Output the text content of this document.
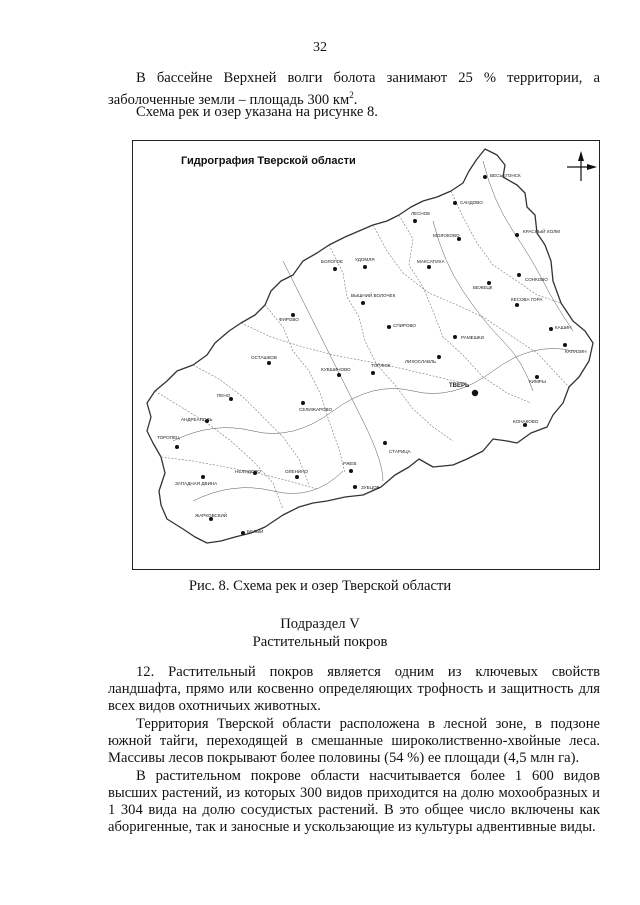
32
В бассейне Верхней волги болота занимают 25 % территории, а
заболоченные земли – площадь 300 $км^2$.
Схема рек и озер указана на рисунке 8.
Гидрография Тверской области
ВЕСЬЕГОНСК
САНДОВО
ЛЕСНОЕ
МОЛОКОВО
КРАСНЫЙ ХОЛМ
УДОМЛЯ
БОЛОГОЕ	МАКСАТИХА
БЕЖЕЦК
СОНКОВО
КЕСОВА ГОРА
ВЫШНИЙ ВОЛОЧЕК
ФИРОВО
СПИРОВО
ЛИХОСЛАВЛЬ
РАМЕШКИ
КАШИН
КАЛЯЗИН
ОСТАШКОВ
КУВШИНОВО
ТОРЖОК
ТВЕРЬ
КИМРЫ
ПЕНО
СЕЛИЖАРОВО
АНДРЕАПОЛЬ	КОНАКОВО
ТОРОПЕЦ
СТАРИЦА
НЕЛИДОВО	ОЛЕНИНО
РЖЕВ
ЗАПАДНАЯ ДВИНА
ЗУБЦОВ
ЖАРКОВСКИЙ
БЕЛЫЙ
Рис. 8. Схема рек и озер Тверской области
Подраздел V
Растительный покров
12. Растительный покров является одним из ключевых свойств
ландшафта, прямо или косвенно определяющих трофность и защитность для
всех видов охотничьих животных.
Территория Тверской области расположена в лесной зоне, в подзоне
южной тайги, переходящей в смешанные широколиственно-хвойные леса.
Массивы лесов покрывают более половины (54 %) ее площади (4,5 млн га).
В растительном покрове области насчитывается более 1 600 видов
высших растений, из которых 300 видов приходится на долю мохообразных и
1 304 вида на долю сосудистых растений. В это общее число включены как
аборигенные, так и заносные и ускользающие из культуры адвентивные виды.
